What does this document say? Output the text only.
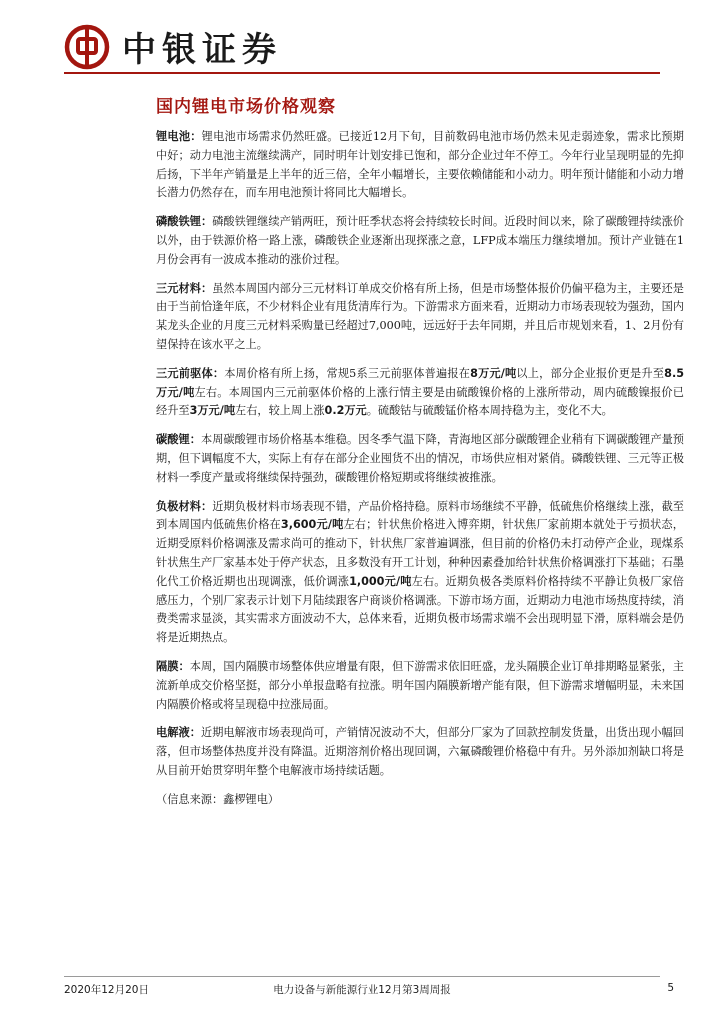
中银证券
国内锂电市场价格观察

锂电池：锂电池市场需求仍然旺盛。已接近12月下旬，目前数码电池市场仍然未见走弱迹象，需求比预期中好；动力电池主流继续满产，同时明年计划安排已饱和，部分企业过年不停工。今年行业呈现明显的先抑后扬，下半年产销量是上半年的近三倍，全年小幅增长，主要依赖储能和小动力。明年预计储能和小动力增长潜力仍然存在，而车用电池预计将同比大幅增长。

磷酸铁锂：磷酸铁锂继续产销两旺，预计旺季状态将会持续较长时间。近段时间以来，除了碳酸锂持续涨价以外，由于铁源价格一路上涨，磷酸铁企业逐渐出现探涨之意，LFP成本端压力继续增加。预计产业链在1月份会再有一波成本推动的涨价过程。

三元材料：虽然本周国内部分三元材料订单成交价格有所上扬，但是市场整体报价仍偏平稳为主，主要还是由于当前恰逢年底，不少材料企业有甩货清库行为。下游需求方面来看，近期动力市场表现较为强劲，国内某龙头企业的月度三元材料采购量已经超过7,000吨，远远好于去年同期，并且后市规划来看，1、2月份有望保持在该水平之上。

三元前驱体：本周价格有所上扬，常规5系三元前驱体普遍报在8万元/吨以上，部分企业报价更是升至8.5万元/吨左右。本周国内三元前驱体价格的上涨行情主要是由硫酸镍价格的上涨所带动，周内硫酸镍报价已经升至3万元/吨左右，较上周上涨0.2万元。硫酸钴与硫酸锰价格本周持稳为主，变化不大。

碳酸锂：本周碳酸锂市场价格基本维稳。因冬季气温下降，青海地区部分碳酸锂企业稍有下调碳酸锂产量预期，但下调幅度不大，实际上有存在部分企业囤货不出的情况，市场供应相对紧俏。磷酸铁锂、三元等正极材料一季度产量或将继续保持强劲，碳酸锂价格短期或将继续被推涨。

负极材料：近期负极材料市场表现不错，产品价格持稳。原料市场继续不平静，低硫焦价格继续上涨，截至到本周国内低硫焦价格在3,600元/吨左右；针状焦价格进入博弈期，针状焦厂家前期本就处于亏损状态，近期受原料价格调涨及需求尚可的推动下，针状焦厂家普遍调涨，但目前的价格仍未打动停产企业，现煤系针状焦生产厂家基本处于停产状态，且多数没有开工计划，种种因素叠加给针状焦价格调涨打下基础；石墨化代工价格近期也出现调涨，低价调涨1,000元/吨左右。近期负极各类原料价格持续不平静让负极厂家倍感压力，个别厂家表示计划下月陆续跟客户商谈价格调涨。下游市场方面，近期动力电池市场热度持续，消费类需求显淡，其实需求方面波动不大，总体来看，近期负极市场需求端不会出现明显下滑，原料端会是仍将是近期热点。

隔膜：本周，国内隔膜市场整体供应增量有限，但下游需求依旧旺盛，龙头隔膜企业订单排期略显紧张，主流新单成交价格坚挺，部分小单报盘略有拉涨。明年国内隔膜新增产能有限，但下游需求增幅明显，未来国内隔膜价格或将呈现稳中拉涨局面。

电解液：近期电解液市场表现尚可，产销情况波动不大，但部分厂家为了回款控制发货量，出货出现小幅回落，但市场整体热度并没有降温。近期溶剂价格出现回调，六氟磷酸锂价格稳中有升。另外添加剂缺口将是从目前开始贯穿明年整个电解液市场持续话题。

（信息来源：鑫椤锂电）
2020年12月20日	电力设备与新能源行业12月第3周周报	5
